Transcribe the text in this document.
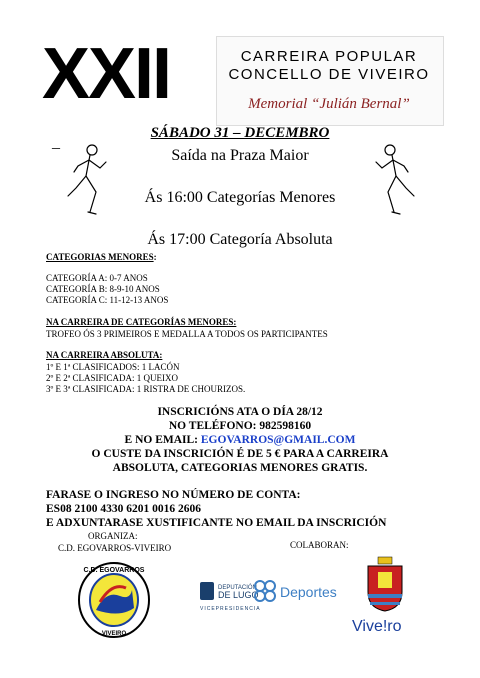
XXII	CARREIRA POPULAR
CONCELLO DE VIVEIRO
Memorial “Julián Bernal”
_
SÁBADO 31 – DECEMBRO
Saída na Praza Maior
Ás 16:00 Categorías Menores
Ás 17:00 Categoría Absoluta
CATEGORIAS MENORES:
CATEGORÍA A: 0-7 ANOS
CATEGORÍA B: 8-9-10 ANOS
CATEGORÍA C: 11-12-13 ANOS
NA CARREIRA DE CATEGORÍAS MENORES:
TROFEO ÓS 3 PRIMEIROS E MEDALLA A TODOS OS PARTICIPANTES
NA CARREIRA ABSOLUTA:
1º E 1ª CLASIFICADOS: 1 LACÓN
2º E 2ª CLASIFICADA: 1 QUEIXO
3º E 3ª CLASIFICADA: 1 RISTRA DE CHOURIZOS.
INSCRICIÓNS ATA O DÍA 28/12
NO TELÉFONO: 982598160
E NO EMAIL: EGOVARROS@GMAIL.COM
O CUSTE DA INSCRICIÓN É DE 5 € PARA A CARREIRA
ABSOLUTA, CATEGORIAS MENORES GRATIS.
FARASE O INGRESO NO NÚMERO DE CONTA:
ES08 2100 4330 6201 0016 2606
E ADXUNTARASE XUSTIFICANTE NO EMAIL DA INSCRICIÓN
ORGANIZA:
C.D. EGOVARROS-VIVEIRO	COLABORAN:
C.D. EGOVARROS
VIVEIRO
DEPUTACIÓN
DE LUGO Deportes
VICEPRESIDENCIA
Vive!ro
